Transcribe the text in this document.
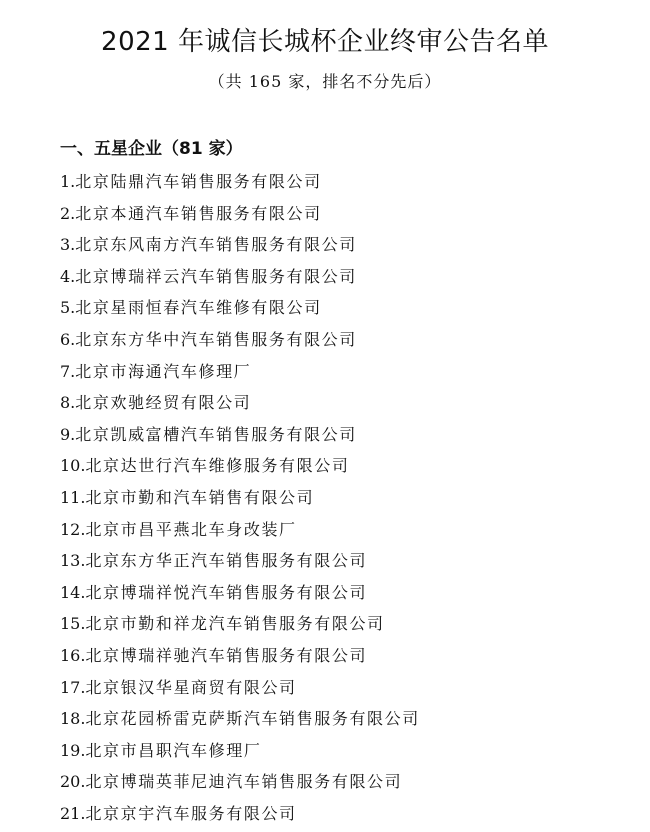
2021 年诚信长城杯企业终审公告名单
（共 165 家，排名不分先后）
一、五星企业（81 家）
1.北京陆鼎汽车销售服务有限公司
2.北京本通汽车销售服务有限公司
3.北京东风南方汽车销售服务有限公司
4.北京博瑞祥云汽车销售服务有限公司
5.北京星雨恒春汽车维修有限公司
6.北京东方华中汽车销售服务有限公司
7.北京市海通汽车修理厂
8.北京欢驰经贸有限公司
9.北京凯威富槽汽车销售服务有限公司
10.北京达世行汽车维修服务有限公司
11.北京市勤和汽车销售有限公司
12.北京市昌平燕北车身改装厂
13.北京东方华正汽车销售服务有限公司
14.北京博瑞祥悦汽车销售服务有限公司
15.北京市勤和祥龙汽车销售服务有限公司
16.北京博瑞祥驰汽车销售服务有限公司
17.北京银汉华星商贸有限公司
18.北京花园桥雷克萨斯汽车销售服务有限公司
19.北京市昌职汽车修理厂
20.北京博瑞英菲尼迪汽车销售服务有限公司
21.北京京宇汽车服务有限公司
